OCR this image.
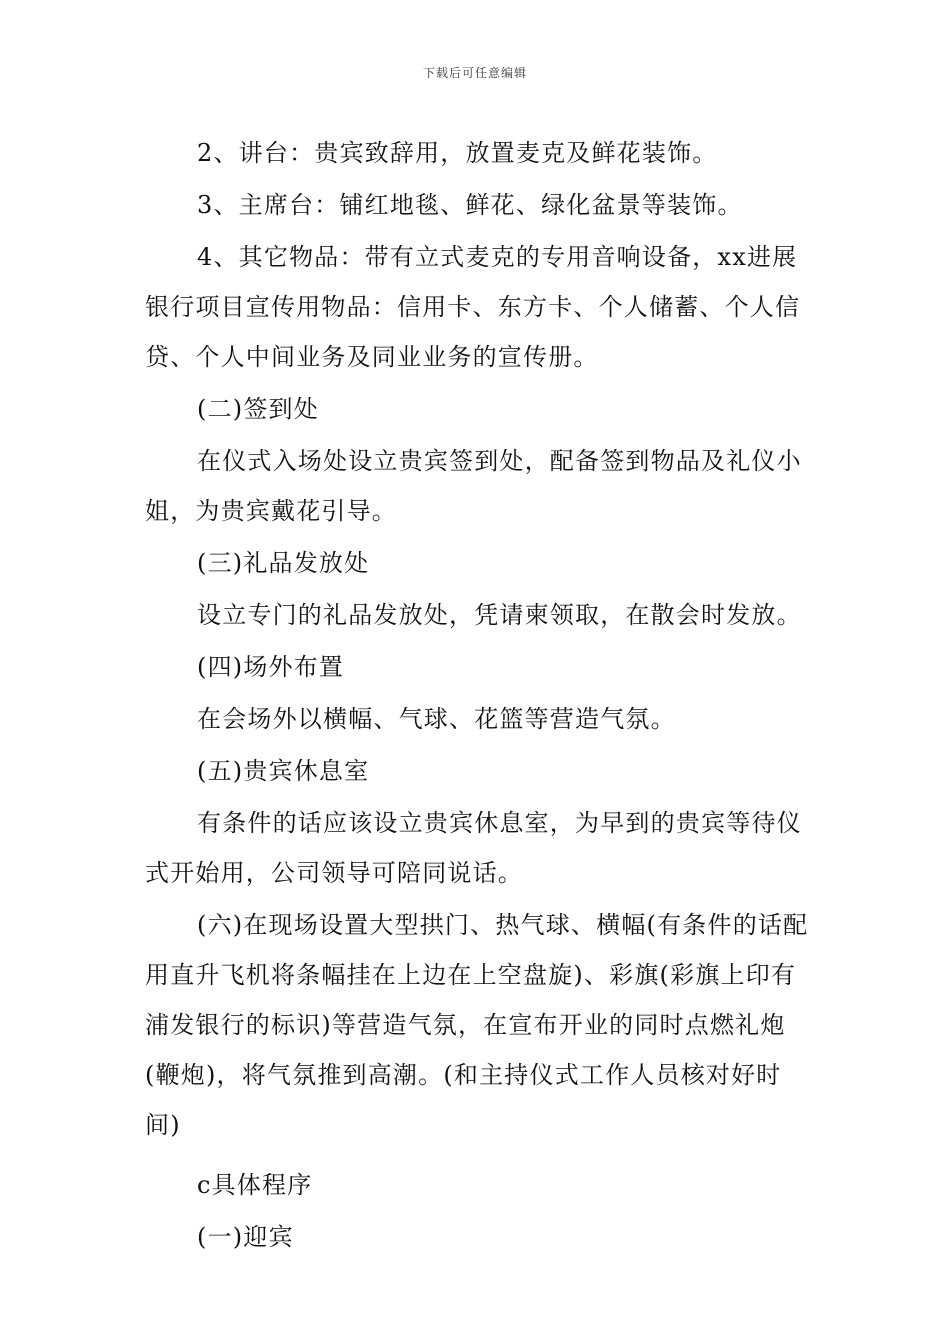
下载后可任意编辑

2、讲台：贵宾致辞用，放置麦克及鲜花装饰。

3、主席台：铺红地毯、鲜花、绿化盆景等装饰。

4、其它物品：带有立式麦克的专用音响设备，xx进展银行项目宣传用物品：信用卡、东方卡、个人储蓄、个人信贷、个人中间业务及同业业务的宣传册。

(二)签到处

在仪式入场处设立贵宾签到处，配备签到物品及礼仪小姐，为贵宾戴花引导。

(三)礼品发放处

设立专门的礼品发放处，凭请柬领取，在散会时发放。

(四)场外布置

在会场外以横幅、气球、花篮等营造气氛。

(五)贵宾休息室

有条件的话应该设立贵宾休息室，为早到的贵宾等待仪式开始用，公司领导可陪同说话。

(六)在现场设置大型拱门、热气球、横幅(有条件的话配用直升飞机将条幅挂在上边在上空盘旋)、彩旗(彩旗上印有浦发银行的标识)等营造气氛，在宣布开业的同时点燃礼炮(鞭炮)，将气氛推到高潮。(和主持仪式工作人员核对好时间)

c具体程序

(一)迎宾
